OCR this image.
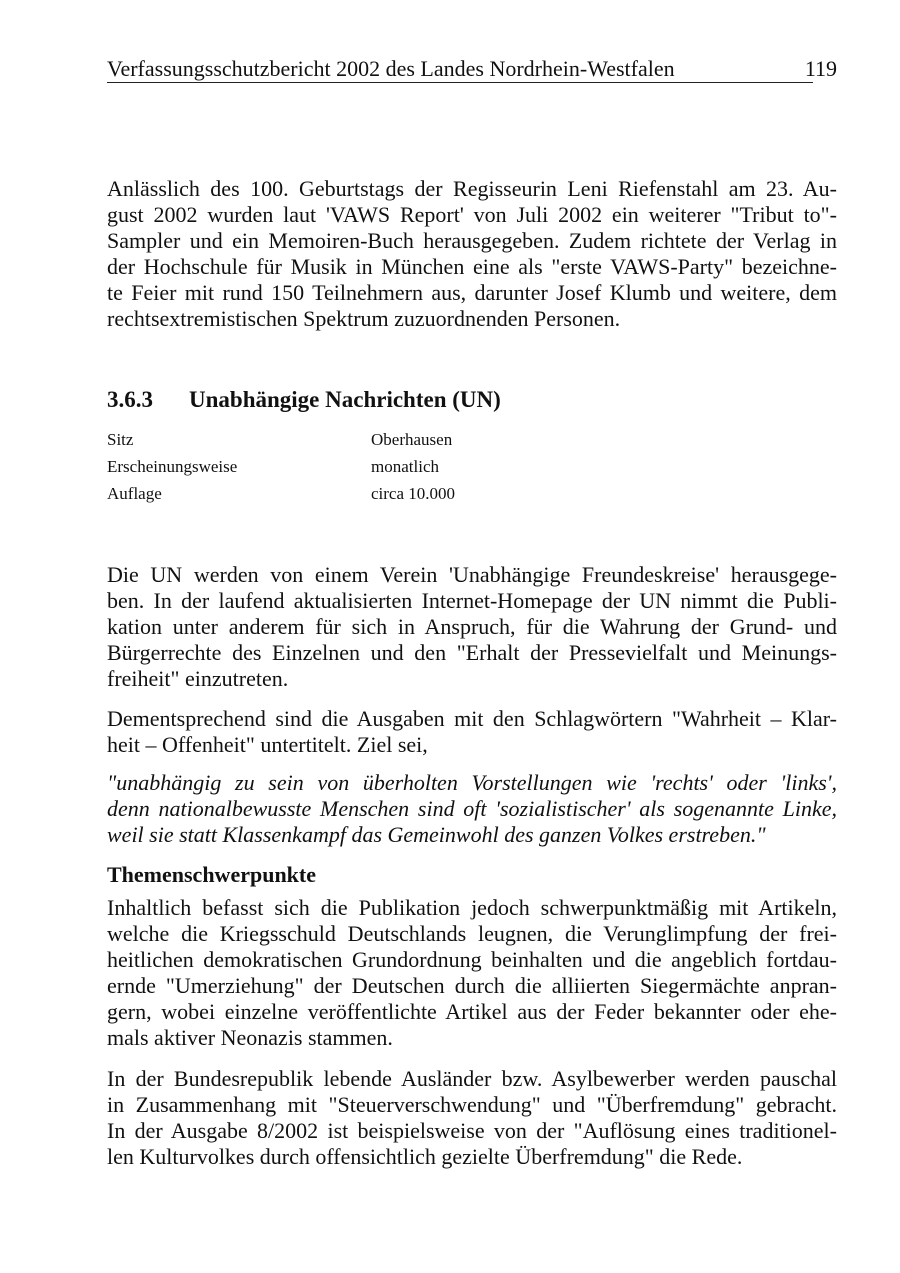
Verfassungsschutzbericht 2002 des Landes Nordrhein-Westfalen	119
Anlässlich des 100. Geburtstags der Regisseurin Leni Riefenstahl am 23. Au-
gust 2002 wurden laut 'VAWS Report' von Juli 2002 ein weiterer "Tribut to"-
Sampler und ein Memoiren-Buch herausgegeben. Zudem richtete der Verlag in
der Hochschule für Musik in München eine als "erste VAWS-Party" bezeichne-
te Feier mit rund 150 Teilnehmern aus, darunter Josef Klumb und weitere, dem
rechtsextremistischen Spektrum zuzuordnenden Personen.
3.6.3 Unabhängige Nachrichten (UN)
Sitz	Oberhausen
Erscheinungsweise	monatlich
Auflage	circa 10.000
Die UN werden von einem Verein 'Unabhängige Freundeskreise' herausgege-
ben. In der laufend aktualisierten Internet-Homepage der UN nimmt die Publi-
kation unter anderem für sich in Anspruch, für die Wahrung der Grund- und
Bürgerrechte des Einzelnen und den "Erhalt der Pressevielfalt und Meinungs-
freiheit" einzutreten.
Dementsprechend sind die Ausgaben mit den Schlagwörtern "Wahrheit – Klar-
heit – Offenheit" untertitelt. Ziel sei,
"unabhängig zu sein von überholten Vorstellungen wie 'rechts' oder 'links',
denn nationalbewusste Menschen sind oft 'sozialistischer' als sogenannte Linke,
weil sie statt Klassenkampf das Gemeinwohl des ganzen Volkes erstreben."
Themenschwerpunkte
Inhaltlich befasst sich die Publikation jedoch schwerpunktmäßig mit Artikeln,
welche die Kriegsschuld Deutschlands leugnen, die Verunglimpfung der frei-
heitlichen demokratischen Grundordnung beinhalten und die angeblich fortdau-
ernde "Umerziehung" der Deutschen durch die alliierten Siegermächte anpran-
gern, wobei einzelne veröffentlichte Artikel aus der Feder bekannter oder ehe-
mals aktiver Neonazis stammen.
In der Bundesrepublik lebende Ausländer bzw. Asylbewerber werden pauschal
in Zusammenhang mit "Steuerverschwendung" und "Überfremdung" gebracht.
In der Ausgabe 8/2002 ist beispielsweise von der "Auflösung eines traditionel-
len Kulturvolkes durch offensichtlich gezielte Überfremdung" die Rede.
